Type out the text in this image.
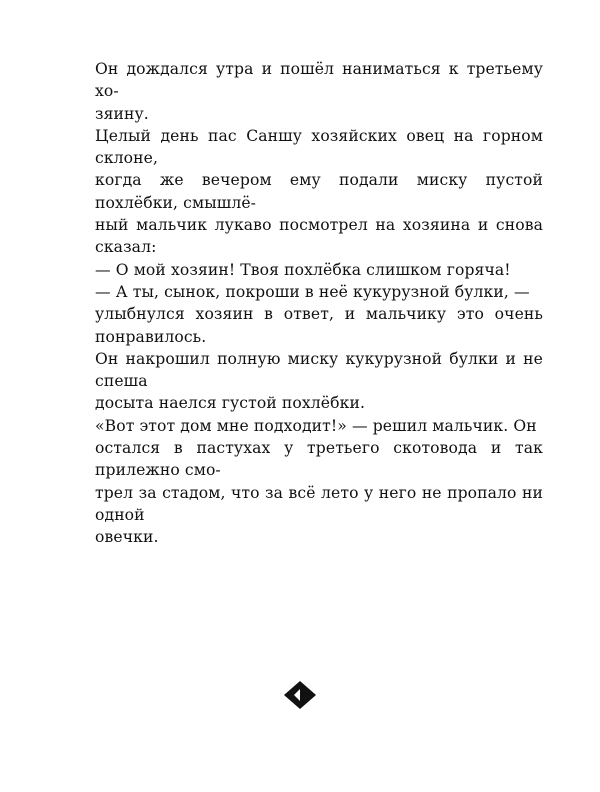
Он дождался утра и пошёл наниматься к третьему хо-
зяину.

Целый день пас Саншу хозяйских овец на горном склоне,
когда же вечером ему подали миску пустой похлёбки, смышлё-
ный мальчик лукаво посмотрел на хозяина и снова сказал:

— О мой хозяин! Твоя похлёбка слишком горяча!

— А ты, сынок, покроши в неё кукурузной булки, —
улыбнулся хозяин в ответ, и мальчику это очень понравилось.

Он накрошил полную миску кукурузной булки и не спеша
досыта наелся густой похлёбки.

«Вот этот дом мне подходит!» — решил мальчик. Он
остался в пастухах у третьего скотовода и так прилежно смо-
трел за стадом, что за всё лето у него не пропало ни одной
овечки.
